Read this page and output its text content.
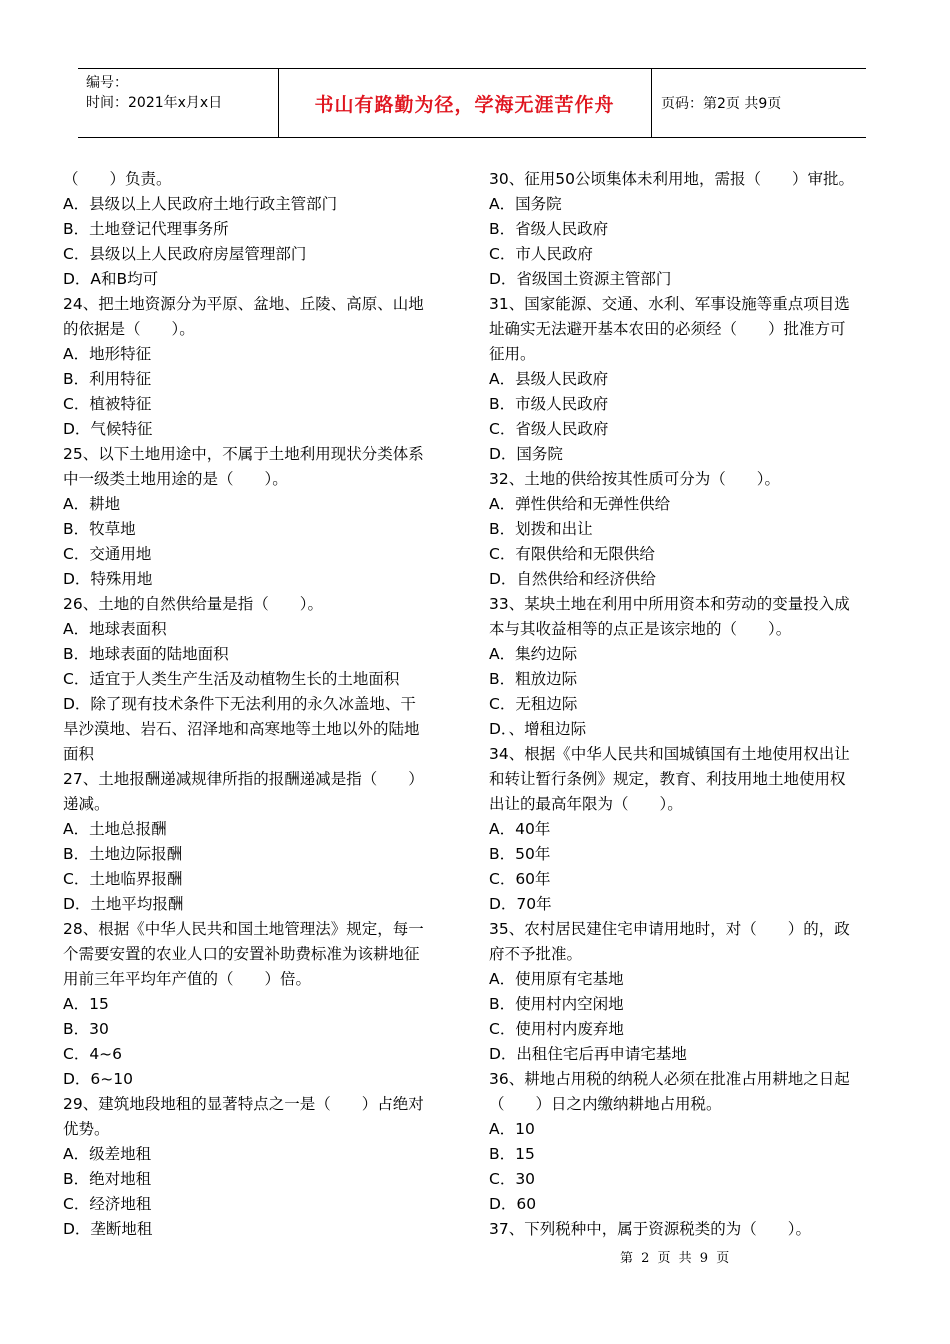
编号：
时间：2021年x月x日	书山有路勤为径，学海无涯苦作舟	页码：第2页 共9页
（　　）负责。
A．县级以上人民政府土地行政主管部门
B．土地登记代理事务所
C．县级以上人民政府房屋管理部门
D．A和B均可
24、把土地资源分为平原、盆地、丘陵、高原、山地
的依据是（　　）。
A．地形特征
B．利用特征
C．植被特征
D．气候特征
25、以下土地用途中，不属于土地利用现状分类体系
中一级类土地用途的是（　　）。
A．耕地
B．牧草地
C．交通用地
D．特殊用地
26、土地的自然供给量是指（　　）。
A．地球表面积
B．地球表面的陆地面积
C．适宜于人类生产生活及动植物生长的土地面积
D．除了现有技术条件下无法利用的永久冰盖地、干
旱沙漠地、岩石、沼泽地和高寒地等土地以外的陆地
面积
27、土地报酬递减规律所指的报酬递减是指（　　）
递减。
A．土地总报酬
B．土地边际报酬
C．土地临界报酬
D．土地平均报酬
28、根据《中华人民共和国土地管理法》规定，每一
个需要安置的农业人口的安置补助费标准为该耕地征
用前三年平均年产值的（　　）倍。
A．15
B．30
C．4~6
D．6~10
29、建筑地段地租的显著特点之一是（　　）占绝对
优势。
A．级差地租
B．绝对地租
C．经济地租
D．垄断地租
30、征用50公顷集体未利用地，需报（　　）审批。
A．国务院
B．省级人民政府
C．市人民政府
D．省级国土资源主管部门
31、国家能源、交通、水利、军事设施等重点项目选
址确实无法避开基本农田的必须经（　　）批准方可
征用。
A．县级人民政府
B．市级人民政府
C．省级人民政府
D．国务院
32、土地的供给按其性质可分为（　　）。
A．弹性供给和无弹性供给
B．划拨和出让
C．有限供给和无限供给
D．自然供给和经济供给
33、某块土地在利用中所用资本和劳动的变量投入成
本与其收益相等的点正是该宗地的（　　）。
A．集约边际
B．粗放边际
C．无租边际
D．、增租边际
34、根据《中华人民共和国城镇国有土地使用权出让
和转让暂行条例》规定，教育、利技用地土地使用权
出让的最高年限为（　　）。
A．40年
B．50年
C．60年
D．70年
35、农村居民建住宅申请用地时，对（　　）的，政
府不予批准。
A．使用原有宅基地
B．使用村内空闲地
C．使用村内废弃地
D．出租住宅后再申请宅基地
36、耕地占用税的纳税人必须在批准占用耕地之日起
（　　）日之内缴纳耕地占用税。
A．10
B．15
C．30
D．60
37、下列税种中，属于资源税类的为（　　）。
第 2 页 共 9 页
